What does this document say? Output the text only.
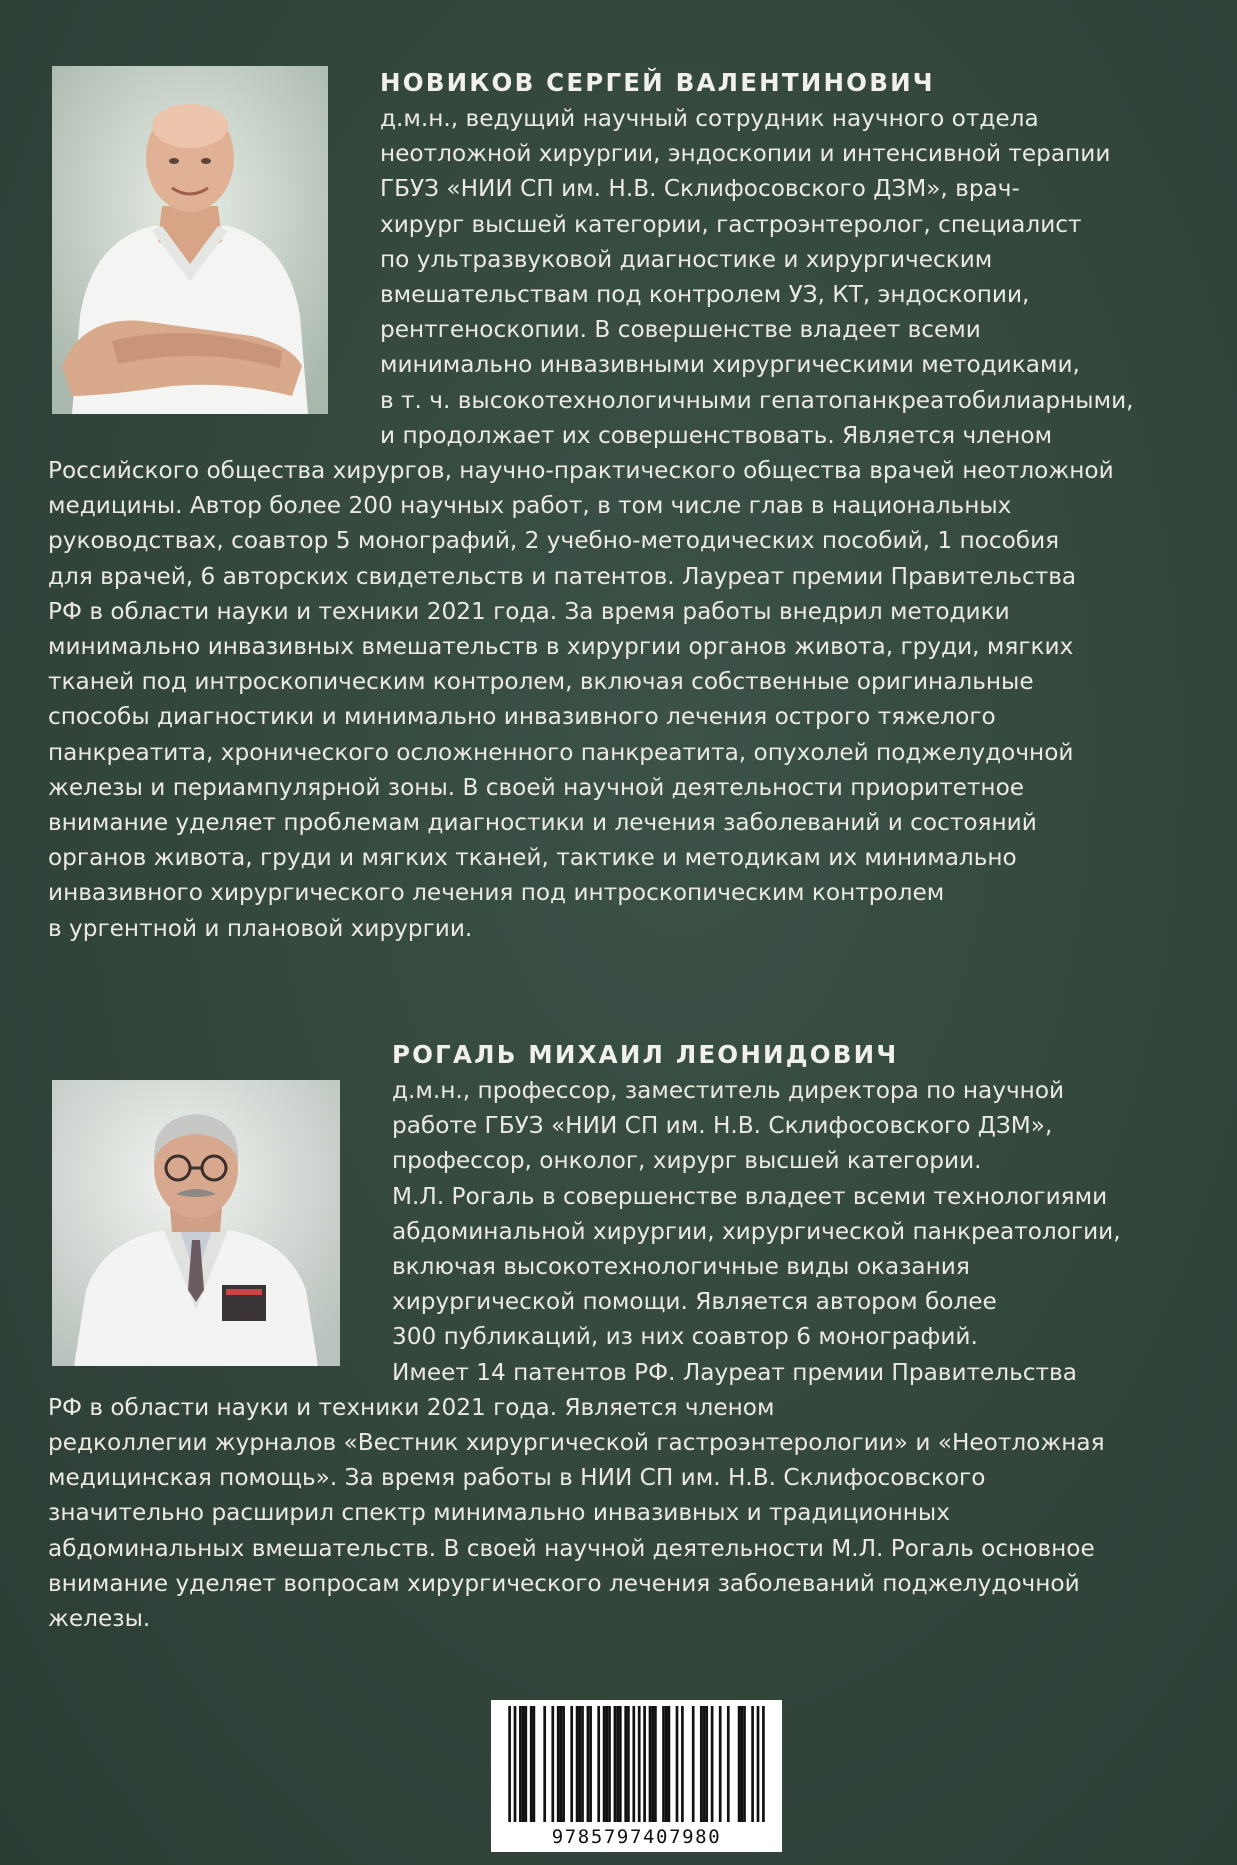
НОВИКОВ СЕРГЕЙ ВАЛЕНТИНОВИЧ
д.м.н., ведущий научный сотрудник научного отдела
неотложной хирургии, эндоскопии и интенсивной терапии
ГБУЗ «НИИ СП им. Н.В. Склифосовского ДЗМ», врач-
хирург высшей категории, гастроэнтеролог, специалист
по ультразвуковой диагностике и хирургическим
вмешательствам под контролем УЗ, КТ, эндоскопии,
рентгеноскопии. В совершенстве владеет всеми
минимально инвазивными хирургическими методиками,
в т. ч. высокотехнологичными гепатопанкреатобилиарными,
и продолжает их совершенствовать. Является членом
Российского общества хирургов, научно-практического общества врачей неотложной
медицины. Автор более 200 научных работ, в том числе глав в национальных
руководствах, соавтор 5 монографий, 2 учебно-методических пособий, 1 пособия
для врачей, 6 авторских свидетельств и патентов. Лауреат премии Правительства
РФ в области науки и техники 2021 года. За время работы внедрил методики
минимально инвазивных вмешательств в хирургии органов живота, груди, мягких
тканей под интроскопическим контролем, включая собственные оригинальные
способы диагностики и минимально инвазивного лечения острого тяжелого
панкреатита, хронического осложненного панкреатита, опухолей поджелудочной
железы и периампулярной зоны. В своей научной деятельности приоритетное
внимание уделяет проблемам диагностики и лечения заболеваний и состояний
органов живота, груди и мягких тканей, тактике и методикам их минимально
инвазивного хирургического лечения под интроскопическим контролем
в ургентной и плановой хирургии.
РОГАЛЬ МИХАИЛ ЛЕОНИДОВИЧ
д.м.н., профессор, заместитель директора по научной
работе ГБУЗ «НИИ СП им. Н.В. Склифосовского ДЗМ»,
профессор, онколог, хирург высшей категории.
М.Л. Рогаль в совершенстве владеет всеми технологиями
абдоминальной хирургии, хирургической панкреатологии,
включая высокотехнологичные виды оказания
хирургической помощи. Является автором более
300 публикаций, из них соавтор 6 монографий.
Имеет 14 патентов РФ. Лауреат премии Правительства
РФ в области науки и техники 2021 года. Является членом
редколлегии журналов «Вестник хирургической гастроэнтерологии» и «Неотложная
медицинская помощь». За время работы в НИИ СП им. Н.В. Склифосовского
значительно расширил спектр минимально инвазивных и традиционных
абдоминальных вмешательств. В своей научной деятельности М.Л. Рогаль основное
внимание уделяет вопросам хирургического лечения заболеваний поджелудочной
железы.
9785797407980
